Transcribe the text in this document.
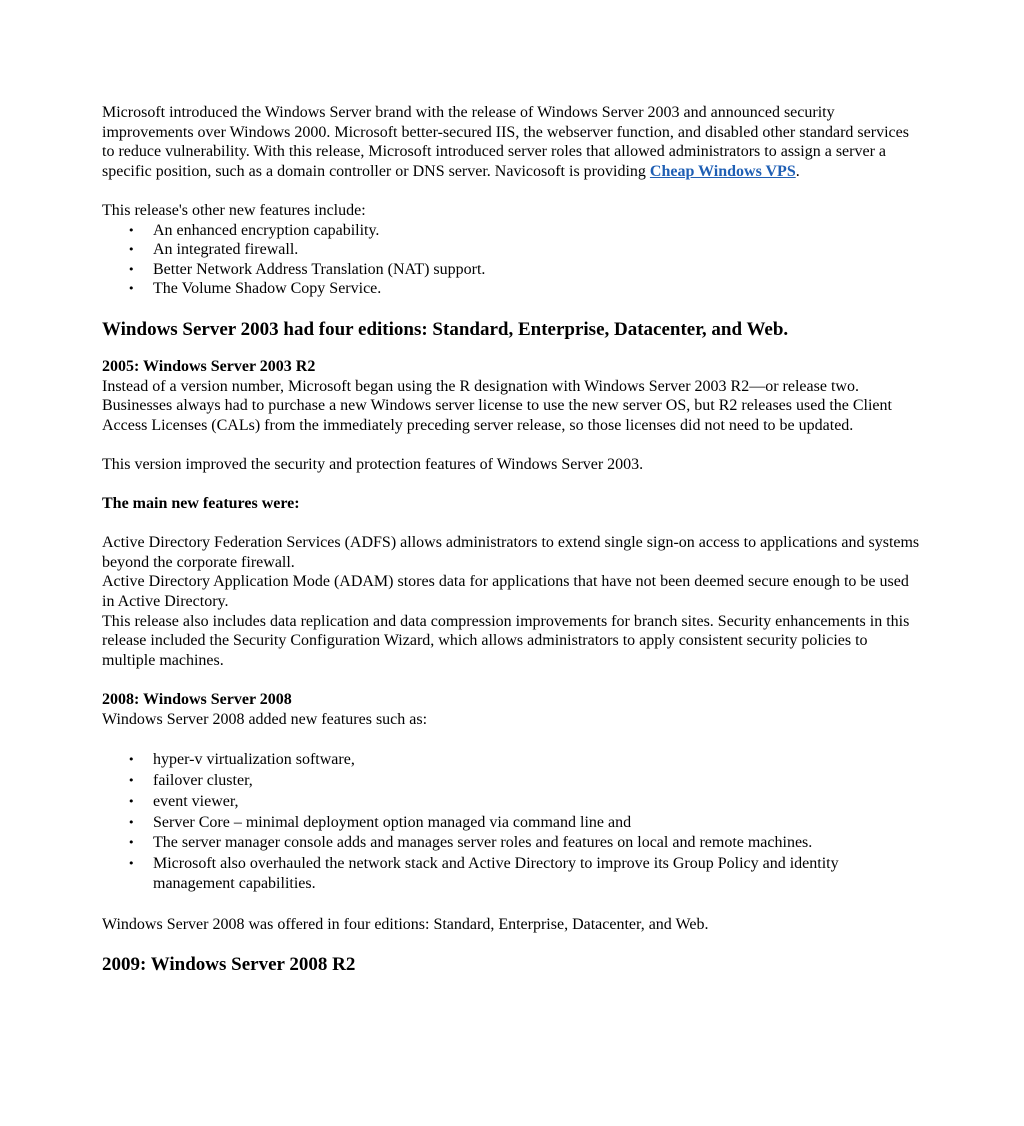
Microsoft introduced the Windows Server brand with the release of Windows Server 2003 and announced security improvements over Windows 2000. Microsoft better-secured IIS, the webserver function, and disabled other standard services to reduce vulnerability. With this release, Microsoft introduced server roles that allowed administrators to assign a server a specific position, such as a domain controller or DNS server. Navicosoft is providing Cheap Windows VPS.

This release's other new features include:

• An enhanced encryption capability.
• An integrated firewall.
• Better Network Address Translation (NAT) support.
• The Volume Shadow Copy Service.
Windows Server 2003 had four editions: Standard, Enterprise, Datacenter, and Web.
2005: Windows Server 2003 R2

Instead of a version number, Microsoft began using the R designation with Windows Server 2003 R2—or release two. Businesses always had to purchase a new Windows server license to use the new server OS, but R2 releases used the Client Access Licenses (CALs) from the immediately preceding server release, so those licenses did not need to be updated.

This version improved the security and protection features of Windows Server 2003.

The main new features were:

Active Directory Federation Services (ADFS) allows administrators to extend single sign-on access to applications and systems beyond the corporate firewall.

Active Directory Application Mode (ADAM) stores data for applications that have not been deemed secure enough to be used in Active Directory.

This release also includes data replication and data compression improvements for branch sites. Security enhancements in this release included the Security Configuration Wizard, which allows administrators to apply consistent security policies to multiple machines.

2008: Windows Server 2008

Windows Server 2008 added new features such as:

• hyper-v virtualization software,
• failover cluster,
• event viewer,
• Server Core – minimal deployment option managed via command line and
• The server manager console adds and manages server roles and features on local and remote machines.
• Microsoft also overhauled the network stack and Active Directory to improve its Group Policy and identity management capabilities.

Windows Server 2008 was offered in four editions: Standard, Enterprise, Datacenter, and Web.

2009: Windows Server 2008 R2
